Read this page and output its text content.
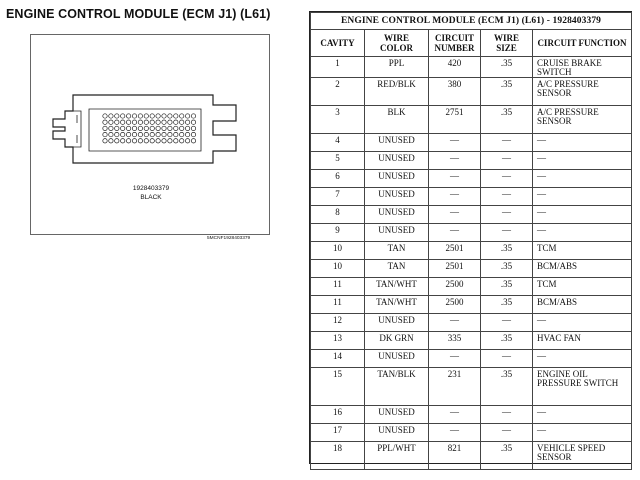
ENGINE CONTROL MODULE (ECM J1) (L61)
1928403379
BLACK
5MCNF1928403379
ENGINE CONTROL MODULE (ECM J1) (L61) - 1928403379				
CAVITY	WIRE COLOR	CIRCUIT NUMBER	WIRE SIZE	CIRCUIT FUNCTION
1	PPL	420	.35	CRUISE BRAKE SWITCH
2	RED/BLK	380	.35	A/C PRESSURE SENSOR
3	BLK	2751	.35	A/C PRESSURE SENSOR
4	UNUSED	—	—	—
5	UNUSED	—	—	—
6	UNUSED	—	—	—
7	UNUSED	—	—	—
8	UNUSED	—	—	—
9	UNUSED	—	—	—
10	TAN	2501	.35	TCM
10	TAN	2501	.35	BCM/ABS
11	TAN/WHT	2500	.35	TCM
11	TAN/WHT	2500	.35	BCM/ABS
12	UNUSED	—	—	—
13	DK GRN	335	.35	HVAC FAN
14	UNUSED	—	—	—
15	TAN/BLK	231	.35	ENGINE OIL PRESSURE SWITCH
16	UNUSED	—	—	—
17	UNUSED	—	—	—
18	PPL/WHT	821	.35	VEHICLE SPEED SENSOR
